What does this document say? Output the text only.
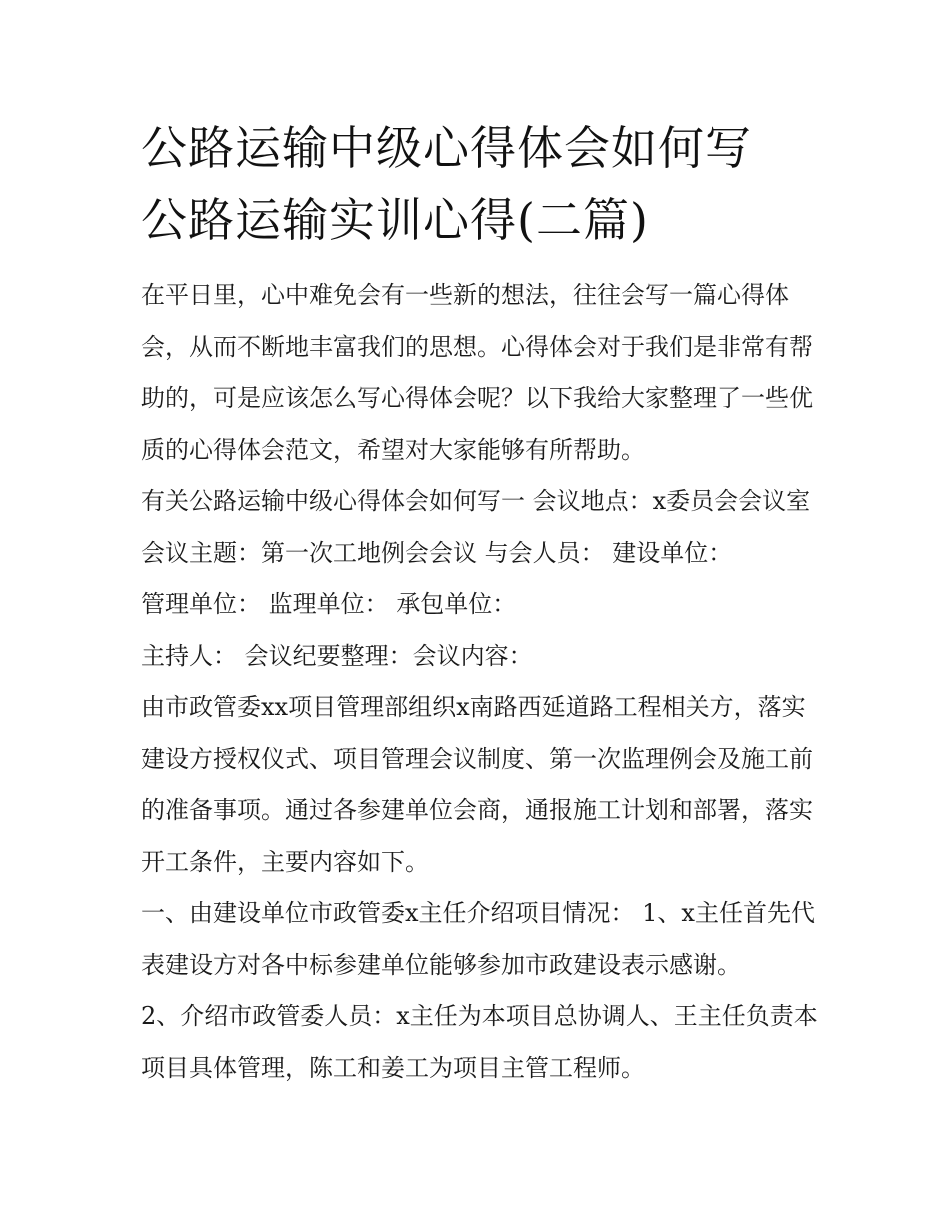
公路运输中级心得体会如何写
公路运输实训心得(二篇)

在平日里，心中难免会有一些新的想法，往往会写一篇心得体会，从而不断地丰富我们的思想。心得体会对于我们是非常有帮助的，可是应该怎么写心得体会呢？以下我给大家整理了一些优质的心得体会范文，希望对大家能够有所帮助。

有关公路运输中级心得体会如何写一 会议地点：x委员会会议室 会议主题：第一次工地例会会议 与会人员： 建设单位：

管理单位： 监理单位： 承包单位：

主持人： 会议纪要整理：会议内容：

由市政管委xx项目管理部组织x南路西延道路工程相关方，落实建设方授权仪式、项目管理会议制度、第一次监理例会及施工前的准备事项。通过各参建单位会商，通报施工计划和部署，落实开工条件，主要内容如下。

一、由建设单位市政管委x主任介绍项目情况： 1、x主任首先代表建设方对各中标参建单位能够参加市政建设表示感谢。

2、介绍市政管委人员：x主任为本项目总协调人、王主任负责本项目具体管理，陈工和姜工为项目主管工程师。
